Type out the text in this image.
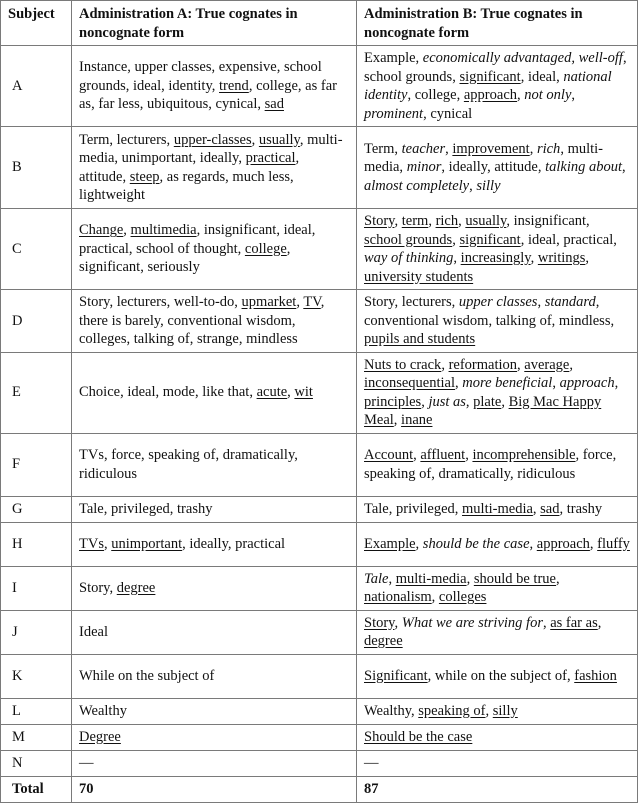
Subject	Administration A: True cognates in noncognate form	Administration B: True cognates in noncognate form
A	Instance, upper classes, expensive, school grounds, ideal, identity, trend, college, as far as, far less, ubiquitous, cynical, sad	Example, economically advantaged, well-off, school grounds, significant, ideal, national identity, college, approach, not only, prominent, cynical
B	Term, lecturers, upper-classes, usually, multi-media, unimportant, ideally, practical, attitude, steep, as regards, much less, lightweight	Term, teacher, improvement, rich, multi-media, minor, ideally, attitude, talking about, almost completely, silly
C	Change, multimedia, insignificant, ideal, practical, school of thought, college, significant, seriously	Story, term, rich, usually, insignificant, school grounds, significant, ideal, practical, way of thinking, increasingly, writings, university students
D	Story, lecturers, well-to-do, upmarket, TV, there is barely, conventional wisdom, colleges, talking of, strange, mindless	Story, lecturers, upper classes, standard, conventional wisdom, talking of, mindless, pupils and students
E	Choice, ideal, mode, like that, acute, wit	Nuts to crack, reformation, average, inconsequential, more beneficial, approach, principles, just as, plate, Big Mac Happy Meal, inane
F	TVs, force, speaking of, dramatically, ridiculous	Account, affluent, incomprehensible, force, speaking of, dramatically, ridiculous
G	Tale, privileged, trashy	Tale, privileged, multi-media, sad, trashy
H	TVs, unimportant, ideally, practical	Example, should be the case, approach, fluffy
I	Story, degree	Tale, multi-media, should be true, nationalism, colleges
J	Ideal	Story, What we are striving for, as far as, degree
K	While on the subject of	Significant, while on the subject of, fashion
L	Wealthy	Wealthy, speaking of, silly
M	Degree	Should be the case
N	—	—
Total	70	87
